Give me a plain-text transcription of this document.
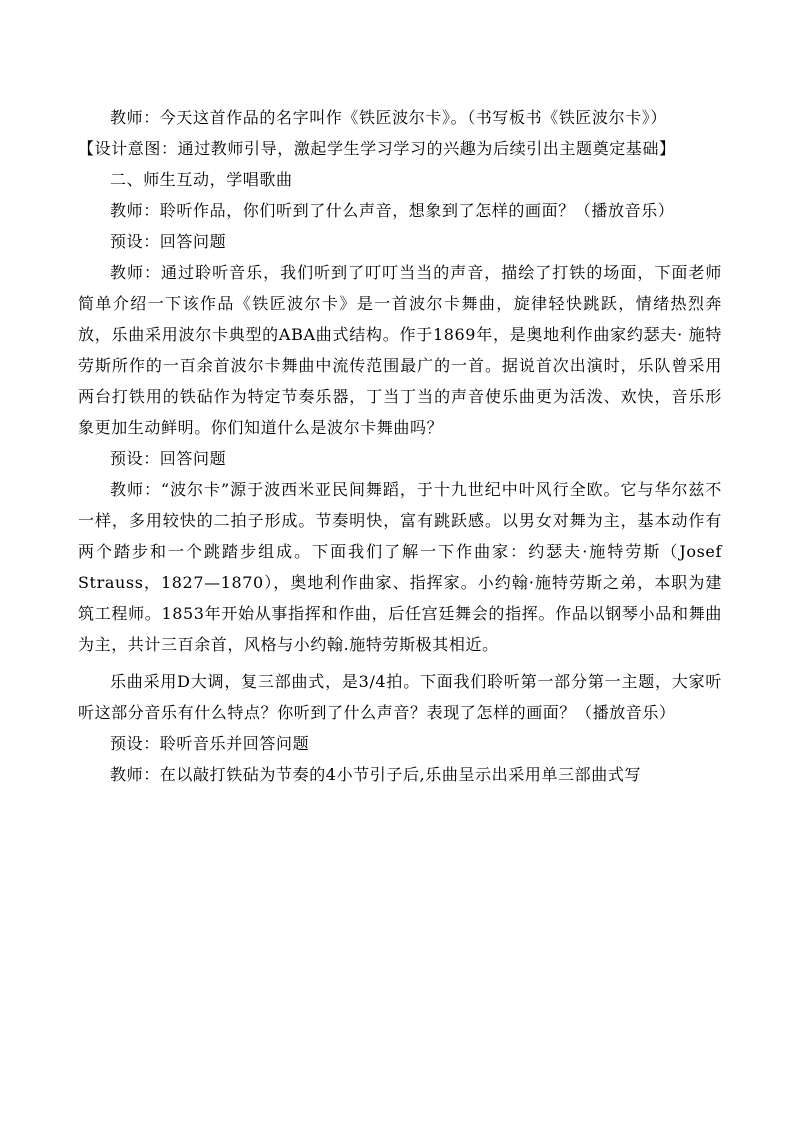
教师：今天这首作品的名字叫作《铁匠波尔卡》。（书写板书《铁匠波尔卡》）

【设计意图：通过教师引导，激起学生学习学习的兴趣为后续引出主题奠定基础】

二、师生互动，学唱歌曲

教师：聆听作品，你们听到了什么声音，想象到了怎样的画面？（播放音乐）

预设：回答问题

教师：通过聆听音乐，我们听到了叮叮当当的声音，描绘了打铁的场面，下面老师简单介绍一下该作品《铁匠波尔卡》是一首波尔卡舞曲，旋律轻快跳跃，情绪热烈奔放，乐曲采用波尔卡典型的ABA曲式结构。作于1869年，是奥地利作曲家约瑟夫· 施特劳斯所作的一百余首波尔卡舞曲中流传范围最广的一首。据说首次出演时，乐队曾采用两台打铁用的铁砧作为特定节奏乐器，丁当丁当的声音使乐曲更为活泼、欢快，音乐形象更加生动鲜明。你们知道什么是波尔卡舞曲吗？

预设：回答问题

教师：“波尔卡”源于波西米亚民间舞蹈，于十九世纪中叶风行全欧。它与华尔兹不一样，多用较快的二拍子形成。节奏明快，富有跳跃感。以男女对舞为主，基本动作有两个踏步和一个跳踏步组成。下面我们了解一下作曲家：约瑟夫·施特劳斯（Josef Strauss，1827—1870），奥地利作曲家、指挥家。小约翰·施特劳斯之弟，本职为建筑工程师。1853年开始从事指挥和作曲，后任宫廷舞会的指挥。作品以钢琴小品和舞曲为主，共计三百余首，风格与小约翰.施特劳斯极其相近。

乐曲采用D大调，复三部曲式，是3/4拍。下面我们聆听第一部分第一主题，大家听听这部分音乐有什么特点？你听到了什么声音？表现了怎样的画面？（播放音乐）

预设：聆听音乐并回答问题

教师：在以敲打铁砧为节奏的4小节引子后,乐曲呈示出采用单三部曲式写
